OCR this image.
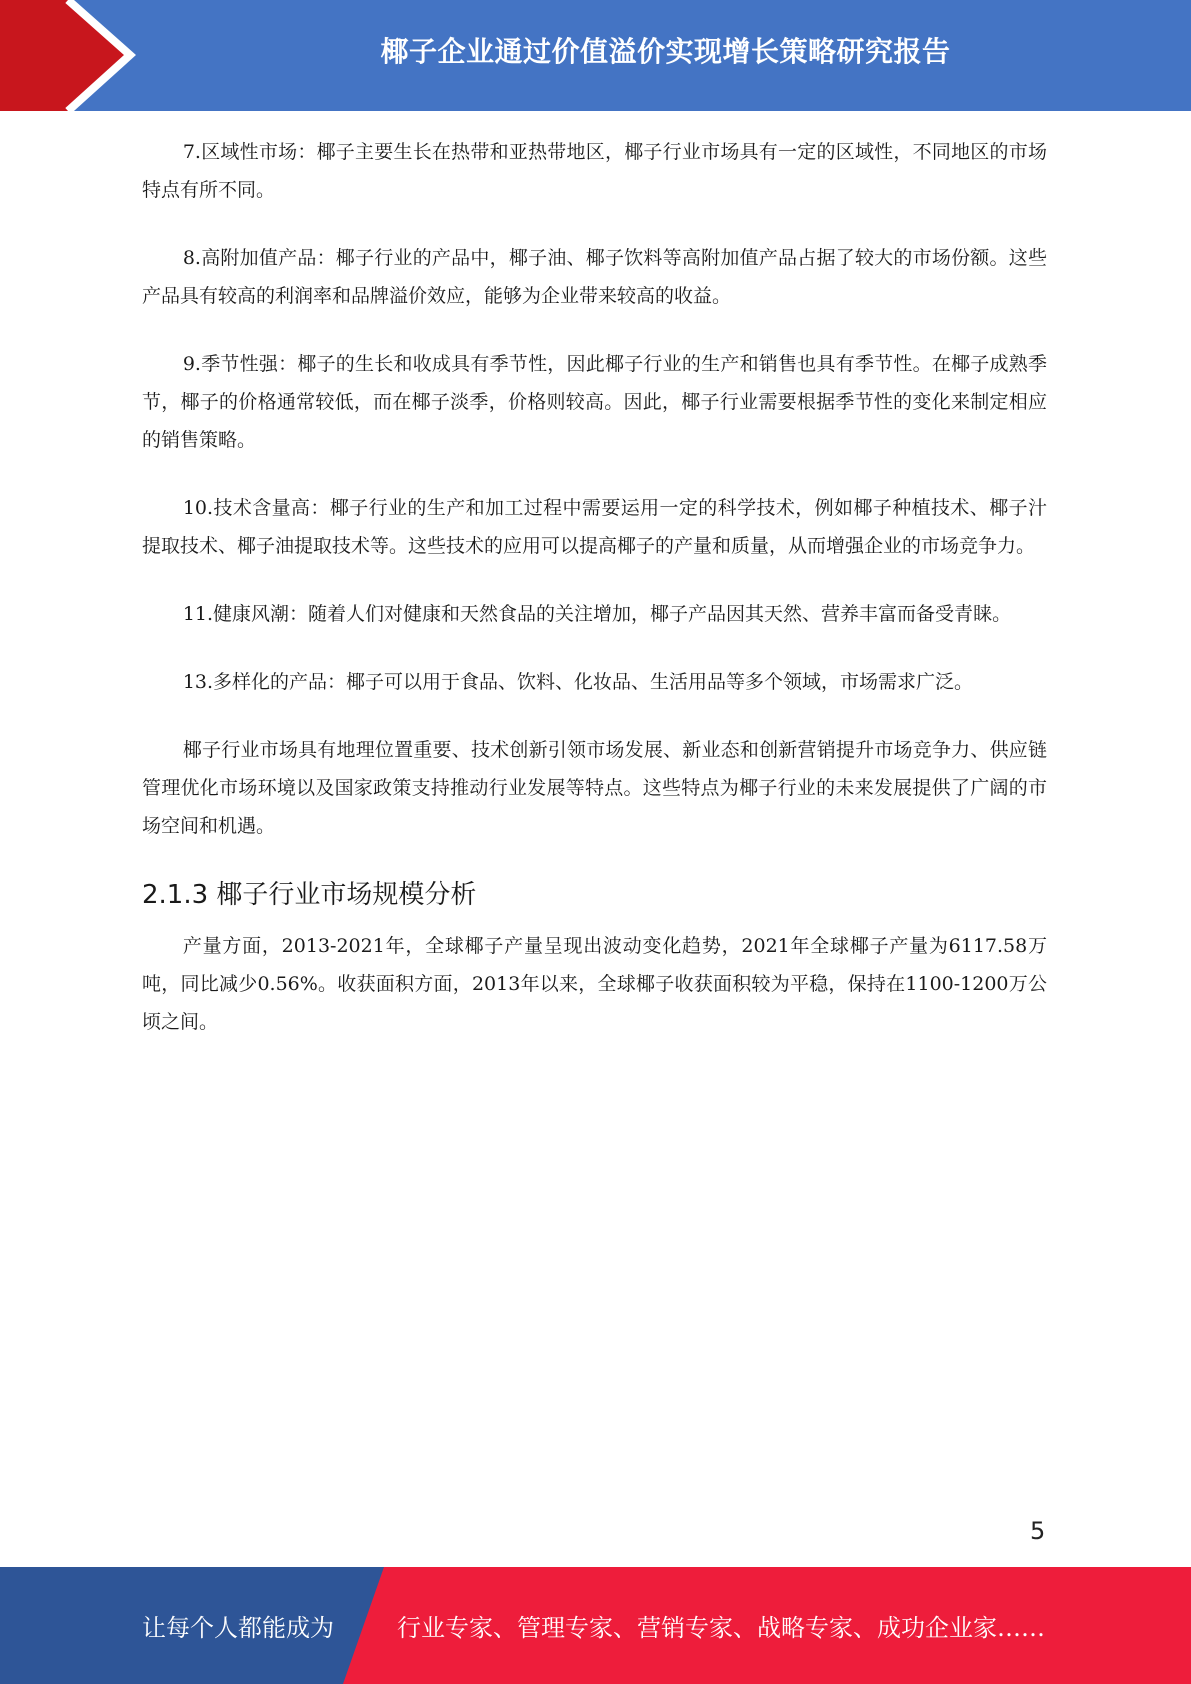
椰子企业通过价值溢价实现增长策略研究报告

7.区域性市场：椰子主要生长在热带和亚热带地区，椰子行业市场具有一定的区域性，不同地区的市场特点有所不同。

8.高附加值产品：椰子行业的产品中，椰子油、椰子饮料等高附加值产品占据了较大的市场份额。这些产品具有较高的利润率和品牌溢价效应，能够为企业带来较高的收益。

9.季节性强：椰子的生长和收成具有季节性，因此椰子行业的生产和销售也具有季节性。在椰子成熟季节，椰子的价格通常较低，而在椰子淡季，价格则较高。因此，椰子行业需要根据季节性的变化来制定相应的销售策略。

10.技术含量高：椰子行业的生产和加工过程中需要运用一定的科学技术，例如椰子种植技术、椰子汁提取技术、椰子油提取技术等。这些技术的应用可以提高椰子的产量和质量，从而增强企业的市场竞争力。

11.健康风潮：随着人们对健康和天然食品的关注增加，椰子产品因其天然、营养丰富而备受青睐。

13.多样化的产品：椰子可以用于食品、饮料、化妆品、生活用品等多个领域，市场需求广泛。

椰子行业市场具有地理位置重要、技术创新引领市场发展、新业态和创新营销提升市场竞争力、供应链管理优化市场环境以及国家政策支持推动行业发展等特点。这些特点为椰子行业的未来发展提供了广阔的市场空间和机遇。

2.1.3 椰子行业市场规模分析

产量方面，2013-2021年，全球椰子产量呈现出波动变化趋势，2021年全球椰子产量为6117.58万吨，同比减少0.56%。收获面积方面，2013年以来，全球椰子收获面积较为平稳，保持在1100-1200万公顷之间。

5
让每个人都能成为	行业专家、管理专家、营销专家、战略专家、成功企业家……
